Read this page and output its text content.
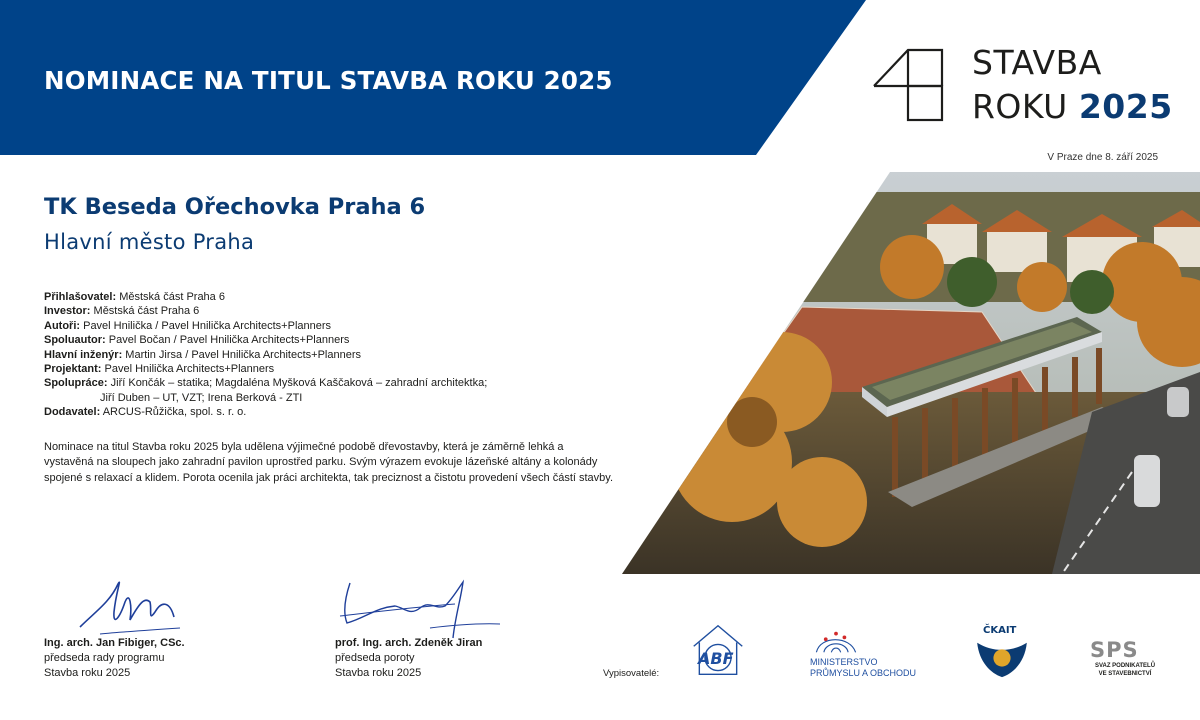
NOMINACE NA TITUL STAVBA ROKU 2025	STAVBA
ROKU 2025
V Praze dne 8. září 2025
TK Beseda Ořechovka Praha 6
Hlavní město Praha
Přihlašovatel: Městská část Praha 6
Investor: Městská část Praha 6
Autoři: Pavel Hnilička / Pavel Hnilička Architects+Planners
Spoluautor: Pavel Bočan / Pavel Hnilička Architects+Planners
Hlavní inženýr: Martin Jirsa / Pavel Hnilička Architects+Planners
Projektant: Pavel Hnilička Architects+Planners
Spolupráce: Jiří Končák – statika; Magdaléna Myšková Kaščaková – zahradní architektka;
Jiří Duben – UT, VZT; Irena Berková - ZTI
Dodavatel: ARCUS-Růžička, spol. s. r. o.
Nominace na titul Stavba roku 2025 byla udělena výjimečné podobě dřevostavby, která je záměrně lehká a vystavěná na sloupech jako zahradní pavilon uprostřed parku. Svým výrazem evokuje lázeňské altány a kolonády spojené s relaxací a klidem. Porota ocenila jak práci architekta, tak preciznost a čistotu provedení všech částí stavby.
Ing. arch. Jan Fibiger, CSc.
předseda rady programu
Stavba roku 2025
prof. Ing. arch. Zdeněk Jiran
předseda poroty
Stavba roku 2025	Vypisovatelé:
ABF	MINISTERSTVO
PRŮMYSLU A OBCHODU
ČKAIT
SPS
SVAZ PODNIKATELŮ
VE STAVEBNICTVÍ
